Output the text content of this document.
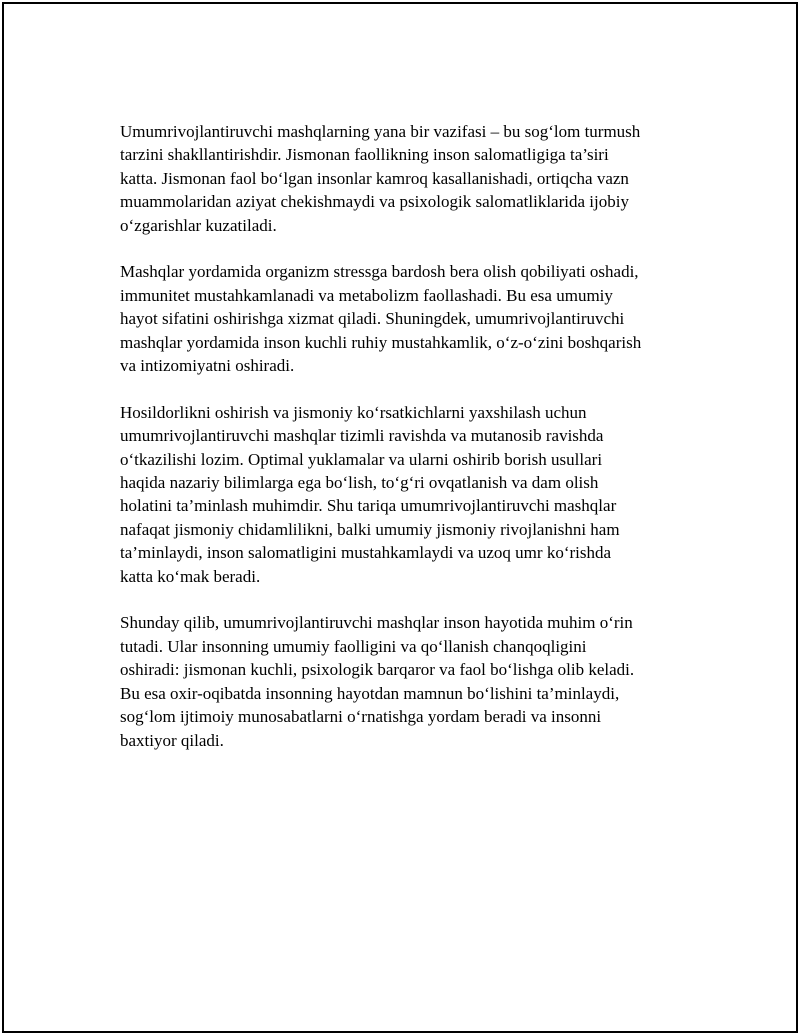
Umumrivojlantiruvchi mashqlarning yana bir vazifasi – bu sog‘lom turmush
tarzini shakllantirishdir. Jismonan faollikning inson salomatligiga ta’siri
katta. Jismonan faol bo‘lgan insonlar kamroq kasallanishadi, ortiqcha vazn
muammolaridan aziyat chekishmaydi va psixologik salomatliklarida ijobiy
o‘zgarishlar kuzatiladi.

Mashqlar yordamida organizm stressga bardosh bera olish qobiliyati oshadi,
immunitet mustahkamlanadi va metabolizm faollashadi. Bu esa umumiy
hayot sifatini oshirishga xizmat qiladi. Shuningdek, umumrivojlantiruvchi
mashqlar yordamida inson kuchli ruhiy mustahkamlik, o‘z-o‘zini boshqarish
va intizomiyatni oshiradi.

Hosildorlikni oshirish va jismoniy ko‘rsatkichlarni yaxshilash uchun
umumrivojlantiruvchi mashqlar tizimli ravishda va mutanosib ravishda
o‘tkazilishi lozim. Optimal yuklamalar va ularni oshirib borish usullari
haqida nazariy bilimlarga ega bo‘lish, to‘g‘ri ovqatlanish va dam olish
holatini ta’minlash muhimdir. Shu tariqa umumrivojlantiruvchi mashqlar
nafaqat jismoniy chidamlilikni, balki umumiy jismoniy rivojlanishni ham
ta’minlaydi, inson salomatligini mustahkamlaydi va uzoq umr ko‘rishda
katta ko‘mak beradi.

Shunday qilib, umumrivojlantiruvchi mashqlar inson hayotida muhim o‘rin
tutadi. Ular insonning umumiy faolligini va qo‘llanish chanqoqligini
oshiradi: jismonan kuchli, psixologik barqaror va faol bo‘lishga olib keladi.
Bu esa oxir-oqibatda insonning hayotdan mamnun bo‘lishini ta’minlaydi,
sog‘lom ijtimoiy munosabatlarni o‘rnatishga yordam beradi va insonni
baxtiyor qiladi.
